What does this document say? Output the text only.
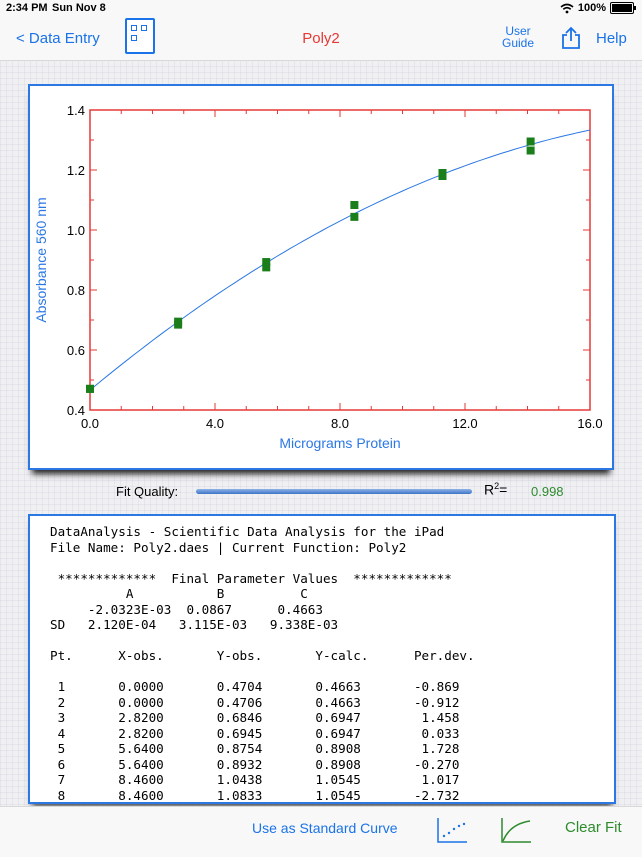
2:34 PM Sun Nov 8	100%
< Data Entry	Poly2	User
Guide	Help
0.0	4.0	8.0	12.0	16.0
0.4
0.6
0.8
1.0
1.2
1.4
Micrograms Protein
Absorbance 560 nm
Fit Quality:	$R^2= 0.998$
DataAnalysis - Scientific Data Analysis for the iPad
File Name: Poly2.daes | Current Function: Poly2

*************  Final Parameter Values  *************
A           B          C
-2.0323E-03  0.0867      0.4663
SD   2.120E-04   3.115E-03   9.338E-03

Pt.      X-obs.       Y-obs.       Y-calc.      Per.dev.

1       0.0000       0.4704       0.4663       -0.869
2       0.0000       0.4706       0.4663       -0.912
3       2.8200       0.6846       0.6947        1.458
4       2.8200       0.6945       0.6947        0.033
5       5.6400       0.8754       0.8908        1.728
6       5.6400       0.8932       0.8908       -0.270
7       8.4600       1.0438       1.0545        1.017
8       8.4600       1.0833       1.0545       -2.732
Use as Standard Curve	Clear Fit
